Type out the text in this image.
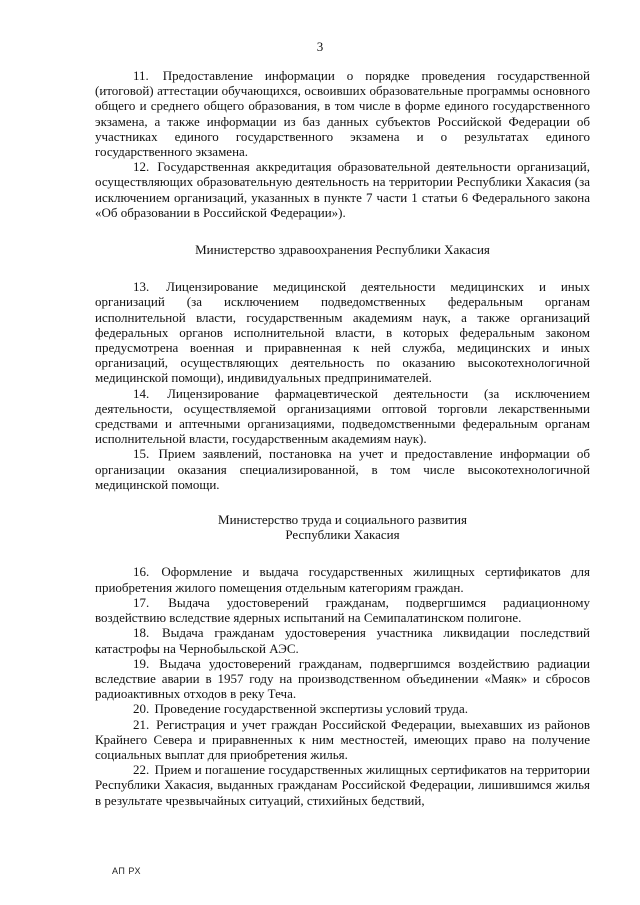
3

11. Предоставление информации о порядке проведения государственной (итоговой) аттестации обучающихся, освоивших образовательные программы основного общего и среднего общего образования, в том числе в форме единого государственного экзамена, а также информации из баз данных субъектов Российской Федерации об участниках единого государственного экзамена и о результатах единого государственного экзамена.

12. Государственная аккредитация образовательной деятельности организаций, осуществляющих образовательную деятельность на территории Республики Хакасия (за исключением организаций, указанных в пункте 7 части 1 статьи 6 Федерального закона «Об образовании в Российской Федерации»).

Министерство здравоохранения Республики Хакасия

13. Лицензирование медицинской деятельности медицинских и иных организаций (за исключением подведомственных федеральным органам исполнительной власти, государственным академиям наук, а также организаций федеральных органов исполнительной власти, в которых федеральным законом предусмотрена военная и приравненная к ней служба, медицинских и иных организаций, осуществляющих деятельность по оказанию высокотехнологичной медицинской помощи), индивидуальных предпринимателей.

14. Лицензирование фармацевтической деятельности (за исключением деятельности, осуществляемой организациями оптовой торговли лекарственными средствами и аптечными организациями, подведомственными федеральным органам исполнительной власти, государственным академиям наук).

15. Прием заявлений, постановка на учет и предоставление информации об организации оказания специализированной, в том числе высокотехнологичной медицинской помощи.

Министерство труда и социального развития
Республики Хакасия

16. Оформление и выдача государственных жилищных сертификатов для приобретения жилого помещения отдельным категориям граждан.

17. Выдача удостоверений гражданам, подвергшимся радиационному воздействию вследствие ядерных испытаний на Семипалатинском полигоне.

18. Выдача гражданам удостоверения участника ликвидации последствий катастрофы на Чернобыльской АЭС.

19. Выдача удостоверений гражданам, подвергшимся воздействию радиации вследствие аварии в 1957 году на производственном объединении «Маяк» и сбросов радиоактивных отходов в реку Теча.

20. Проведение государственной экспертизы условий труда.

21. Регистрация и учет граждан Российской Федерации, выехавших из районов Крайнего Севера и приравненных к ним местностей, имеющих право на получение социальных выплат для приобретения жилья.

22. Прием и погашение государственных жилищных сертификатов на территории Республики Хакасия, выданных гражданам Российской Федерации, лишившимся жилья в результате чрезвычайных ситуаций, стихийных бедствий,

АП РХ
